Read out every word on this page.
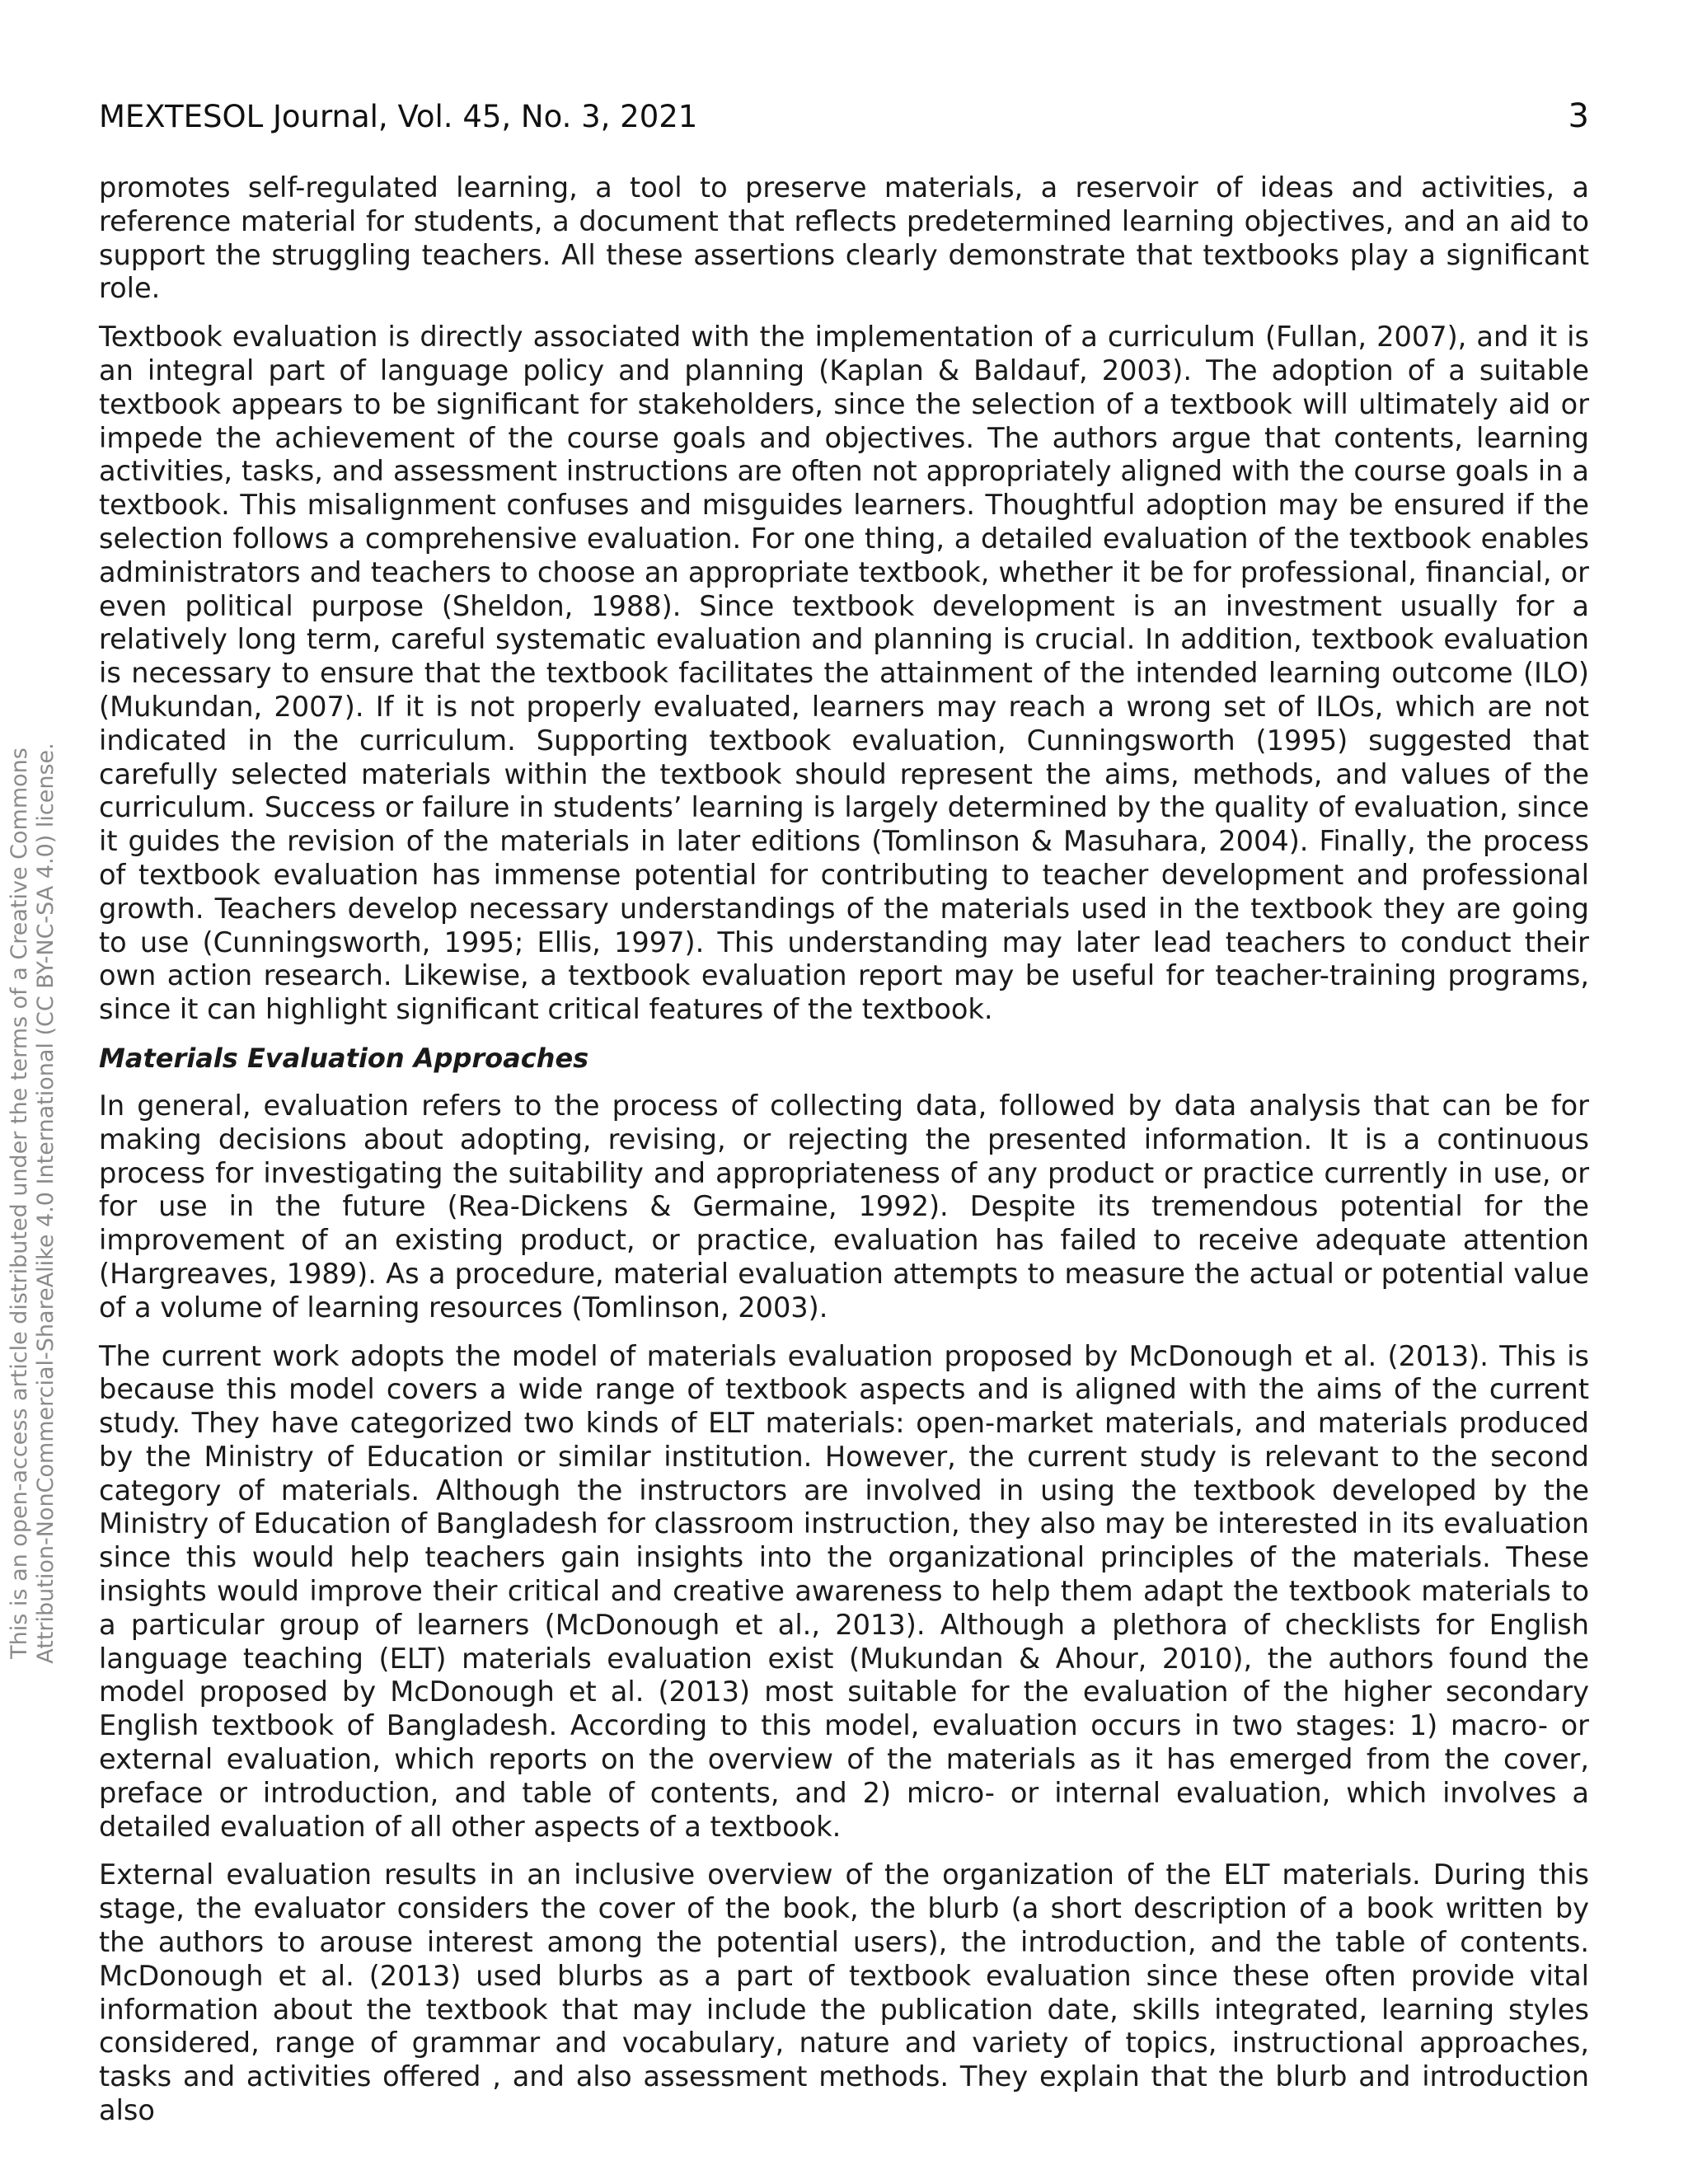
MEXTESOL Journal, Vol. 45, No. 3, 2021	3
This is an open-access article distributed under the terms of a Creative Commons Attribution-NonCommercial-ShareAlike 4.0 International (CC BY-NC-SA 4.0) license.

promotes self-regulated learning, a tool to preserve materials, a reservoir of ideas and activities, a reference material for students, a document that reflects predetermined learning objectives, and an aid to support the struggling teachers. All these assertions clearly demonstrate that textbooks play a significant role.

Textbook evaluation is directly associated with the implementation of a curriculum (Fullan, 2007), and it is an integral part of language policy and planning (Kaplan & Baldauf, 2003). The adoption of a suitable textbook appears to be significant for stakeholders, since the selection of a textbook will ultimately aid or impede the achievement of the course goals and objectives. The authors argue that contents, learning activities, tasks, and assessment instructions are often not appropriately aligned with the course goals in a textbook. This misalignment confuses and misguides learners. Thoughtful adoption may be ensured if the selection follows a comprehensive evaluation. For one thing, a detailed evaluation of the textbook enables administrators and teachers to choose an appropriate textbook, whether it be for professional, financial, or even political purpose (Sheldon, 1988). Since textbook development is an investment usually for a relatively long term, careful systematic evaluation and planning is crucial. In addition, textbook evaluation is necessary to ensure that the textbook facilitates the attainment of the intended learning outcome (ILO) (Mukundan, 2007). If it is not properly evaluated, learners may reach a wrong set of ILOs, which are not indicated in the curriculum. Supporting textbook evaluation, Cunningsworth (1995) suggested that carefully selected materials within the textbook should represent the aims, methods, and values of the curriculum. Success or failure in students’ learning is largely determined by the quality of evaluation, since it guides the revision of the materials in later editions (Tomlinson & Masuhara, 2004). Finally, the process of textbook evaluation has immense potential for contributing to teacher development and professional growth. Teachers develop necessary understandings of the materials used in the textbook they are going to use (Cunningsworth, 1995; Ellis, 1997). This understanding may later lead teachers to conduct their own action research. Likewise, a textbook evaluation report may be useful for teacher-training programs, since it can highlight significant critical features of the textbook.

Materials Evaluation Approaches

In general, evaluation refers to the process of collecting data, followed by data analysis that can be for making decisions about adopting, revising, or rejecting the presented information. It is a continuous process for investigating the suitability and appropriateness of any product or practice currently in use, or for use in the future (Rea-Dickens & Germaine, 1992). Despite its tremendous potential for the improvement of an existing product, or practice, evaluation has failed to receive adequate attention (Hargreaves, 1989). As a procedure, material evaluation attempts to measure the actual or potential value of a volume of learning resources (Tomlinson, 2003).

The current work adopts the model of materials evaluation proposed by McDonough et al. (2013). This is because this model covers a wide range of textbook aspects and is aligned with the aims of the current study. They have categorized two kinds of ELT materials: open-market materials, and materials produced by the Ministry of Education or similar institution. However, the current study is relevant to the second category of materials. Although the instructors are involved in using the textbook developed by the Ministry of Education of Bangladesh for classroom instruction, they also may be interested in its evaluation since this would help teachers gain insights into the organizational principles of the materials. These insights would improve their critical and creative awareness to help them adapt the textbook materials to a particular group of learners (McDonough et al., 2013). Although a plethora of checklists for English language teaching (ELT) materials evaluation exist (Mukundan & Ahour, 2010), the authors found the model proposed by McDonough et al. (2013) most suitable for the evaluation of the higher secondary English textbook of Bangladesh. According to this model, evaluation occurs in two stages: 1) macro- or external evaluation, which reports on the overview of the materials as it has emerged from the cover, preface or introduction, and table of contents, and 2) micro- or internal evaluation, which involves a detailed evaluation of all other aspects of a textbook.

External evaluation results in an inclusive overview of the organization of the ELT materials. During this stage, the evaluator considers the cover of the book, the blurb (a short description of a book written by the authors to arouse interest among the potential users), the introduction, and the table of contents. McDonough et al. (2013) used blurbs as a part of textbook evaluation since these often provide vital information about the textbook that may include the publication date, skills integrated, learning styles considered, range of grammar and vocabulary, nature and variety of topics, instructional approaches, tasks and activities offered , and also assessment methods. They explain that the blurb and introduction also
